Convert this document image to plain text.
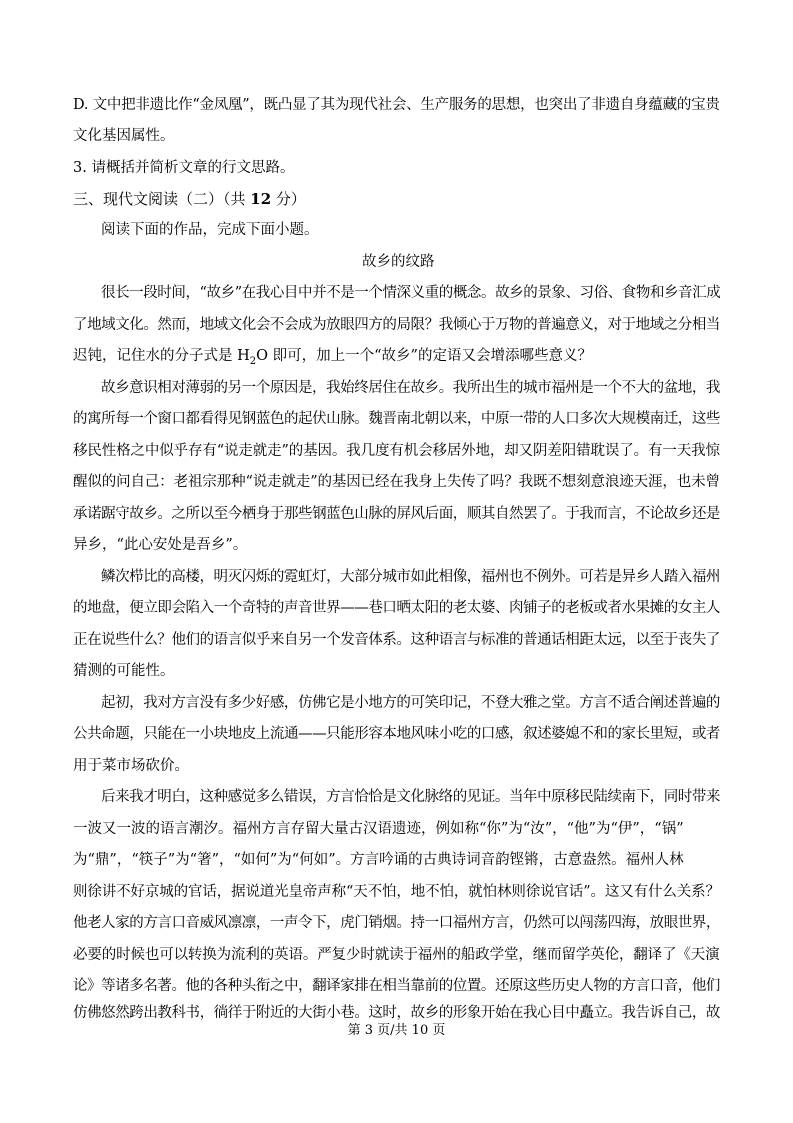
D. 文中把非遗比作“金凤凰”，既凸显了其为现代社会、生产服务的思想，也突出了非遗自身蕴藏的宝贵
文化基因属性。
3. 请概括并简析文章的行文思路。
三、现代文阅读（二）（共 12 分）
阅读下面的作品，完成下面小题。
故乡的纹路
很长一段时间，“故乡”在我心目中并不是一个情深义重的概念。故乡的景象、习俗、食物和乡音汇成
了地域文化。然而，地域文化会不会成为放眼四方的局限？我倾心于万物的普遍意义，对于地域之分相当
迟钝，记住水的分子式是 $H_2O$ 即可，加上一个“故乡”的定语又会增添哪些意义？
故乡意识相对薄弱的另一个原因是，我始终居住在故乡。我所出生的城市福州是一个不大的盆地，我
的寓所每一个窗口都看得见钢蓝色的起伏山脉。魏晋南北朝以来，中原一带的人口多次大规模南迁，这些
移民性格之中似乎存有“说走就走”的基因。我几度有机会移居外地，却又阴差阳错耽误了。有一天我惊
醒似的问自己：老祖宗那种“说走就走”的基因已经在我身上失传了吗？我既不想刻意浪迹天涯，也未曾
承诺踞守故乡。之所以至今栖身于那些钢蓝色山脉的屏风后面，顺其自然罢了。于我而言，不论故乡还是
异乡，“此心安处是吾乡”。
鳞次栉比的高楼，明灭闪烁的霓虹灯，大部分城市如此相像，福州也不例外。可若是异乡人踏入福州
的地盘，便立即会陷入一个奇特的声音世界——巷口晒太阳的老太婆、肉铺子的老板或者水果摊的女主人
正在说些什么？他们的语言似乎来自另一个发音体系。这种语言与标准的普通话相距太远，以至于丧失了
猜测的可能性。
起初，我对方言没有多少好感，仿佛它是小地方的可笑印记，不登大雅之堂。方言不适合阐述普遍的
公共命题，只能在一小块地皮上流通——只能形容本地风味小吃的口感，叙述婆媳不和的家长里短，或者
用于菜市场砍价。
后来我才明白，这种感觉多么错误，方言恰恰是文化脉络的见证。当年中原移民陆续南下，同时带来
一波又一波的语言潮汐。福州方言存留大量古汉语遗迹，例如称“你”为“汝”，“他”为“伊”，“锅”
为“鼎”，“筷子”为“箸”，“如何”为“何如”。方言吟诵的古典诗词音韵铿锵，古意盎然。福州人林
则徐讲不好京城的官话，据说道光皇帝声称“天不怕，地不怕，就怕林则徐说官话”。这又有什么关系？
他老人家的方言口音威风凛凛，一声令下，虎门销烟。持一口福州方言，仍然可以闯荡四海，放眼世界，
必要的时候也可以转换为流利的英语。严复少时就读于福州的船政学堂，继而留学英伦，翻译了《天演
论》等诸多名著。他的各种头衔之中，翻译家排在相当靠前的位置。还原这些历史人物的方言口音，他们
仿佛悠然跨出教科书，徜徉于附近的大街小巷。这时，故乡的形象开始在我心目中矗立。我告诉自己，故
第 3 页/共 10 页
